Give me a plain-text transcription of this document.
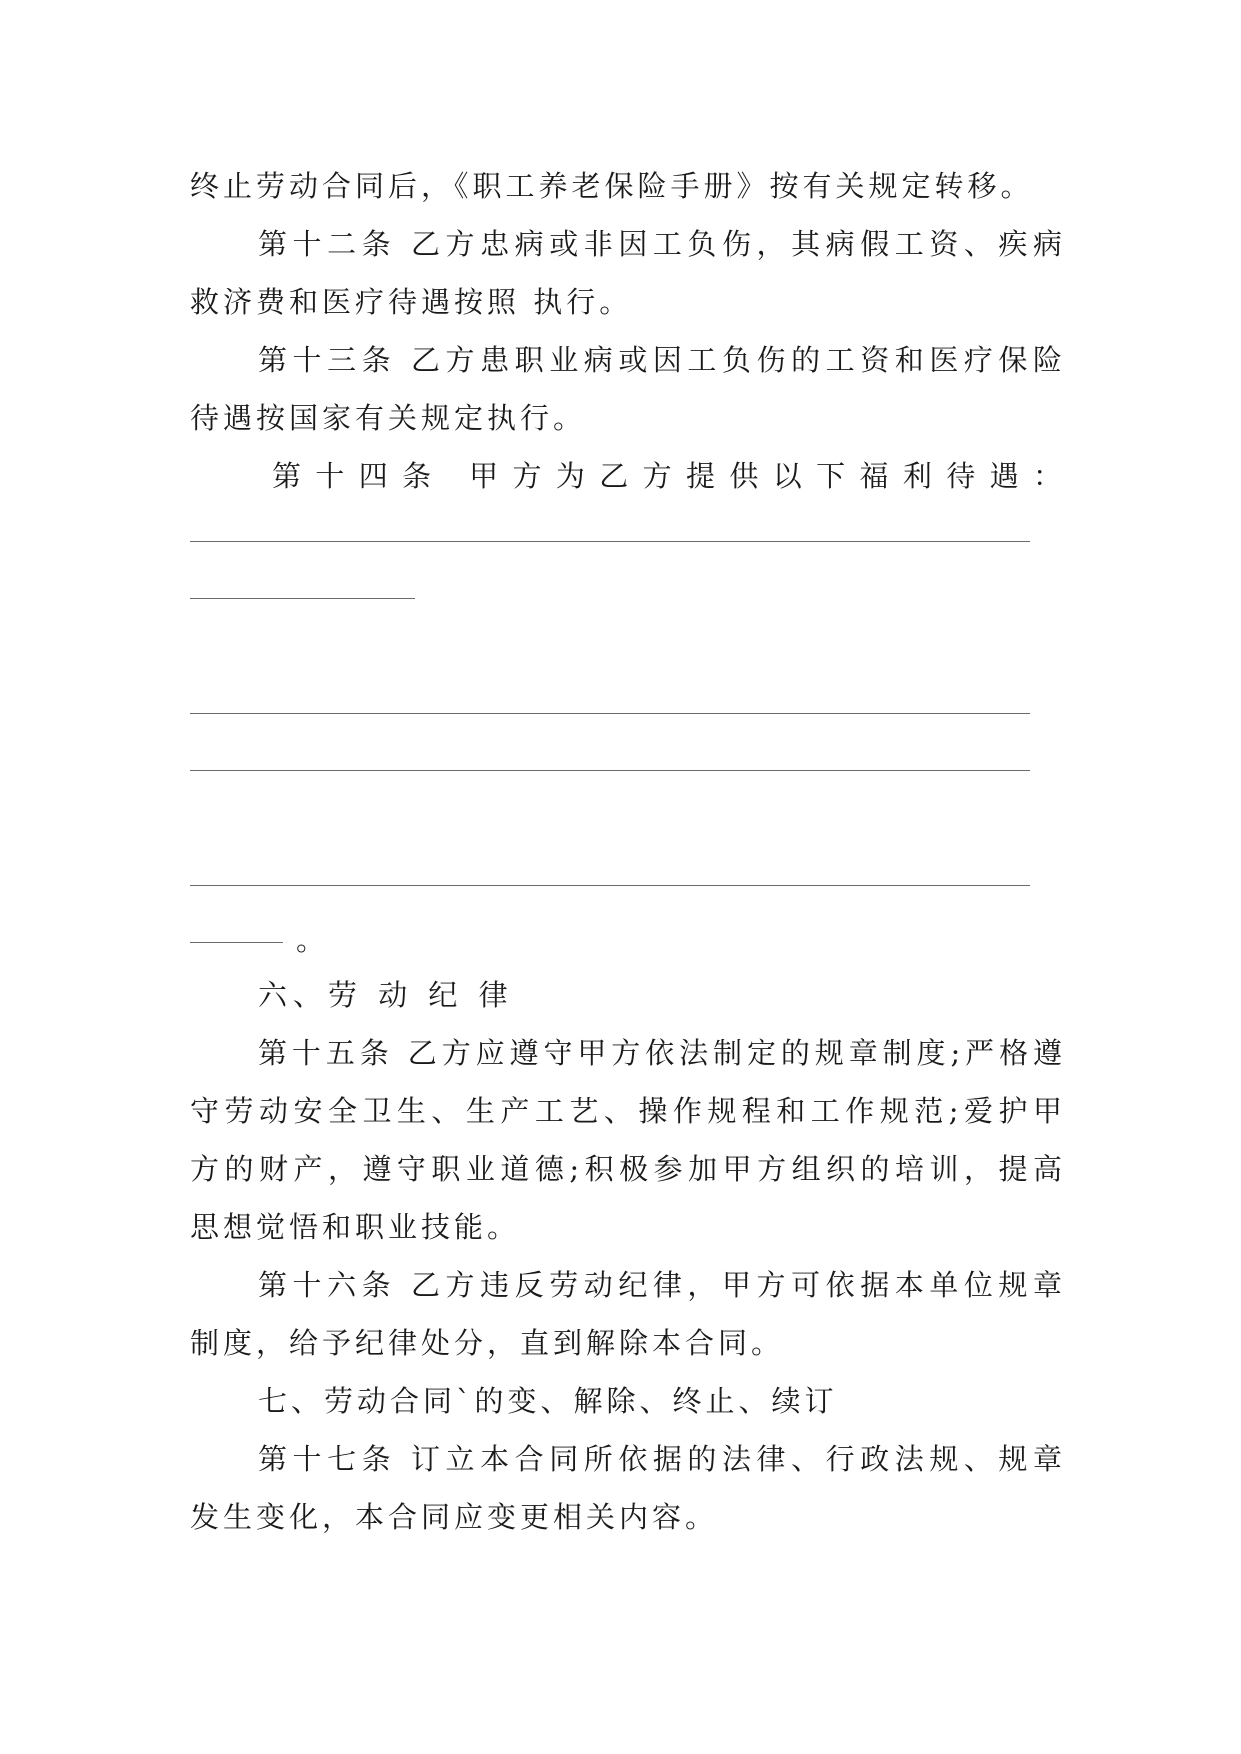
终止劳动合同后，《职工养老保险手册》按有关规定转移。
第十二条 乙方忠病或非因工负伤，其病假工资、疾病
救济费和医疗待遇按照 执行。
第十三条 乙方患职业病或因工负伤的工资和医疗保险
待遇按国家有关规定执行。
第十四条 甲方为乙方提供以下福利待遇：
。
六、劳 动 纪 律
第十五条 乙方应遵守甲方依法制定的规章制度;严格遵
守劳动安全卫生、生产工艺、操作规程和工作规范;爱护甲
方的财产，遵守职业道德;积极参加甲方组织的培训，提高
思想觉悟和职业技能。
第十六条 乙方违反劳动纪律，甲方可依据本单位规章
制度，给予纪律处分，直到解除本合同。
七、劳动合同`的变、解除、终止、续订
第十七条 订立本合同所依据的法律、行政法规、规章
发生变化，本合同应变更相关内容。
